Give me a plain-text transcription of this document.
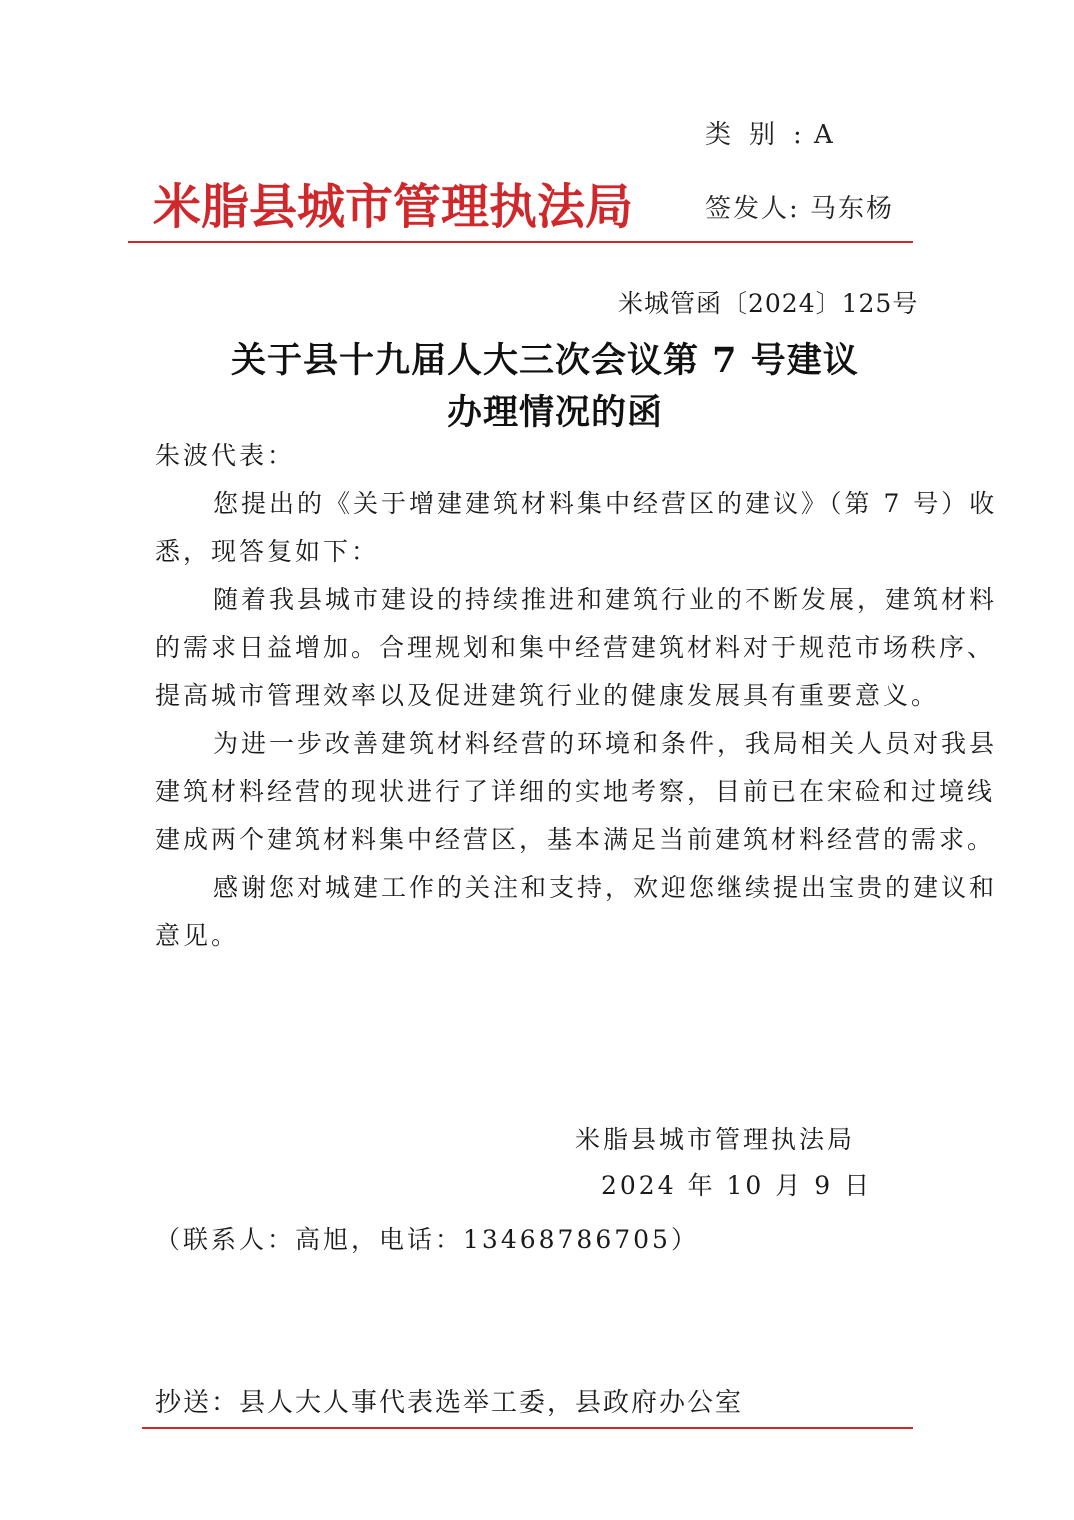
类别: A
米脂县城市管理执法局	签发人: 马东杨
米城管函〔2024〕125号
关于县十九届人大三次会议第 7 号建议
办理情况的函

朱波代表：

您提出的《关于增建建筑材料集中经营区的建议》（第 7 号）收悉，现答复如下：

随着我县城市建设的持续推进和建筑行业的不断发展，建筑材料的需求日益增加。合理规划和集中经营建筑材料对于规范市场秩序、提高城市管理效率以及促进建筑行业的健康发展具有重要意义。

为进一步改善建筑材料经营的环境和条件，我局相关人员对我县建筑材料经营的现状进行了详细的实地考察，目前已在宋硷和过境线建成两个建筑材料集中经营区，基本满足当前建筑材料经营的需求。

感谢您对城建工作的关注和支持，欢迎您继续提出宝贵的建议和意见。

米脂县城市管理执法局
2024 年 10 月 9 日
（联系人：高旭，电话：13468786705）
抄送：县人大人事代表选举工委，县政府办公室
